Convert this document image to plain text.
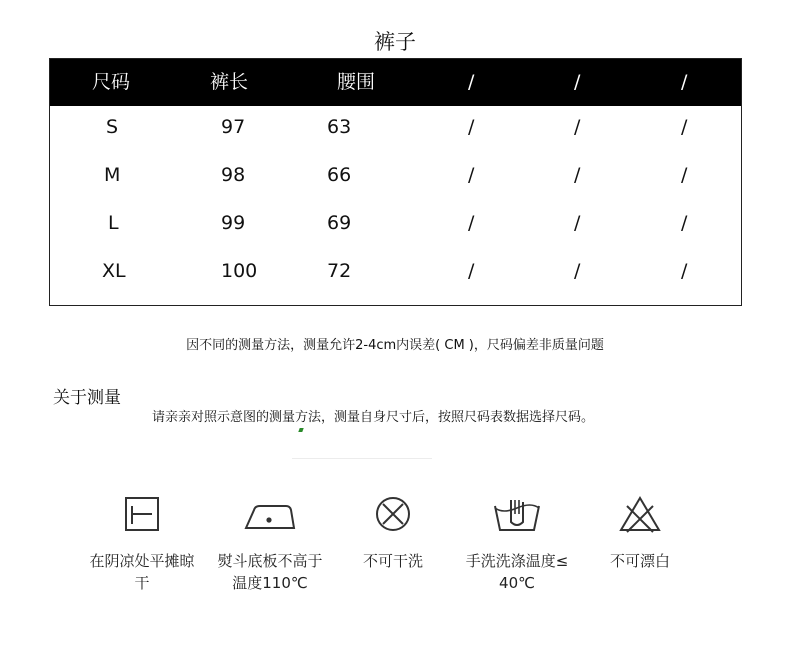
裤子
尺码	裤长	腰围	/	/	/
S	97	63	/	/	/
M	98	66	/	/	/
L	99	69	/	/	/
XL	100	72	/	/	/
因不同的测量方法，测量允许2-4cm内误差( CM )，尺码偏差非质量问题
关于测量
请亲亲对照示意图的测量方法，测量自身尺寸后，按照尺码表数据选择尺码。
在阴凉处平摊晾
干
熨斗底板不高于
温度110℃
不可干洗	手洗洗涤温度≤
40℃
不可漂白
